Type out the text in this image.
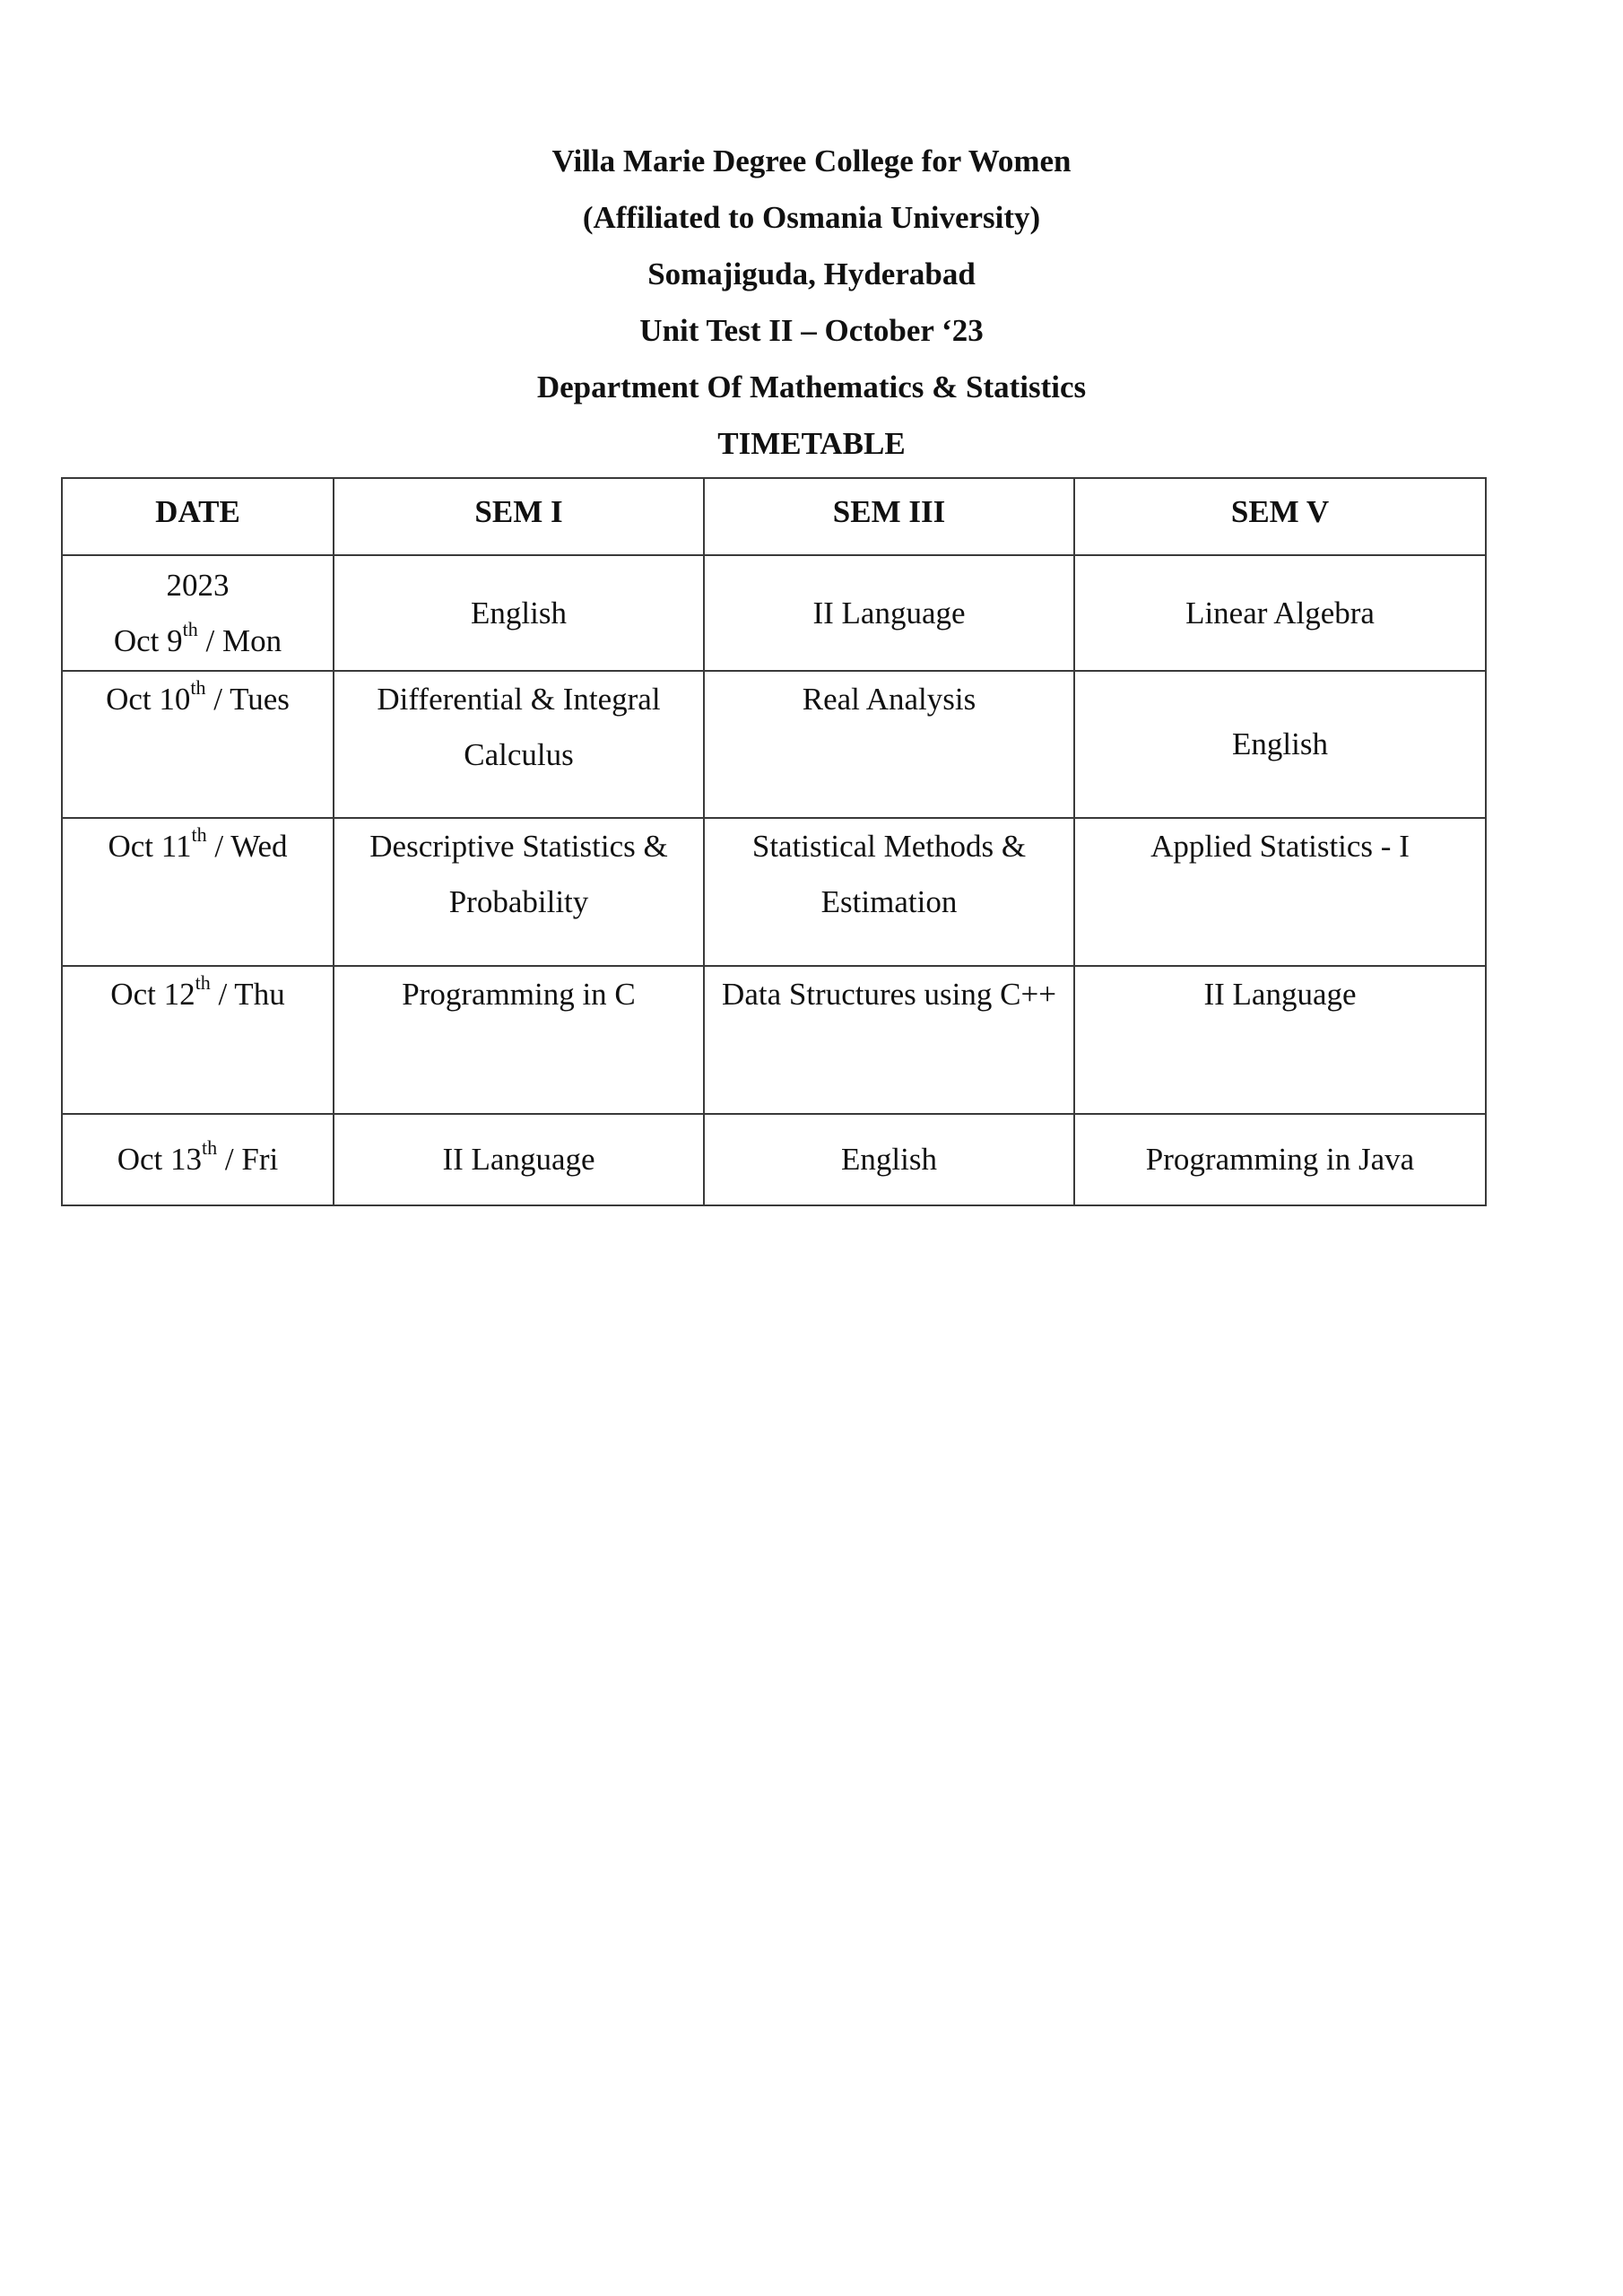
Villa Marie Degree College for Women
(Affiliated to Osmania University)
Somajiguda, Hyderabad
Unit Test II – October ‘23
Department Of Mathematics & Statistics
TIMETABLE
DATE	SEM I	SEM III	SEM V

2023
Oct 9th / Mon	English	II Language	Linear Algebra
Oct 10th / Tues	Differential & Integral Calculus	Real Analysis	English
Oct 11th / Wed	Descriptive Statistics & Probability	Statistical Methods & Estimation	Applied Statistics - I
Oct 12th / Thu	Programming in C	Data Structures using C++	II Language
Oct 13th / Fri	II Language	English	Programming in Java
